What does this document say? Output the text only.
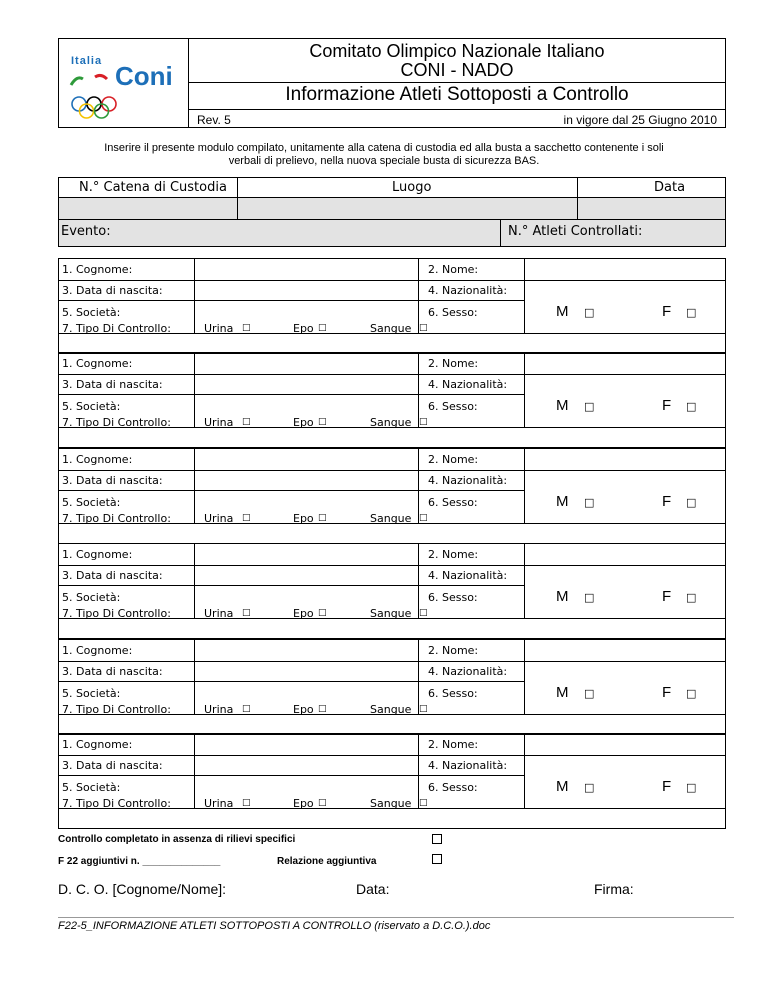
Italia Coni
Comitato Olimpico Nazionale Italiano
CONI - NADO
Informazione Atleti Sottoposti a Controllo
Rev. 5	in vigore dal 25 Giugno 2010
Inserire il presente modulo compilato, unitamente alla catena di custodia ed alla busta a sacchetto contenente i soli verbali di prelievo, nella nuova speciale busta di sicurezza BAS.
N.° Catena di Custodia	Luogo	Data
Evento:	N.° Atleti Controllati:
1. Cognome:	2. Nome:
3. Data di nascita:	4. Nazionalità:
5. Società:	6. Sesso:	M □	F □
7. Tipo Di Controllo:	Urina □	Epo □	Sangue □
1. Cognome:	2. Nome:
3. Data di nascita:	4. Nazionalità:
5. Società:	6. Sesso:	M □	F □
7. Tipo Di Controllo:	Urina □	Epo □	Sangue □
1. Cognome:	2. Nome:
3. Data di nascita:	4. Nazionalità:
5. Società:	6. Sesso:	M □	F □
7. Tipo Di Controllo:	Urina □	Epo □	Sangue □
1. Cognome:	2. Nome:
3. Data di nascita:	4. Nazionalità:
5. Società:	6. Sesso:	M □	F □
7. Tipo Di Controllo:	Urina □	Epo □	Sangue □
1. Cognome:	2. Nome:
3. Data di nascita:	4. Nazionalità:
5. Società:	6. Sesso:	M □	F □
7. Tipo Di Controllo:	Urina □	Epo □	Sangue □
1. Cognome:	2. Nome:
3. Data di nascita:	4. Nazionalità:
5. Società:	6. Sesso:	M □	F □
7. Tipo Di Controllo:	Urina □	Epo □	Sangue □
Controllo completato in assenza di rilievi specifici
F 22 aggiuntivi n. ______________	Relazione aggiuntiva
D. C. O. [Cognome/Nome]:	Data:	Firma:
F22-5_INFORMAZIONE ATLETI SOTTOPOSTI A CONTROLLO (riservato a D.C.O.).doc
